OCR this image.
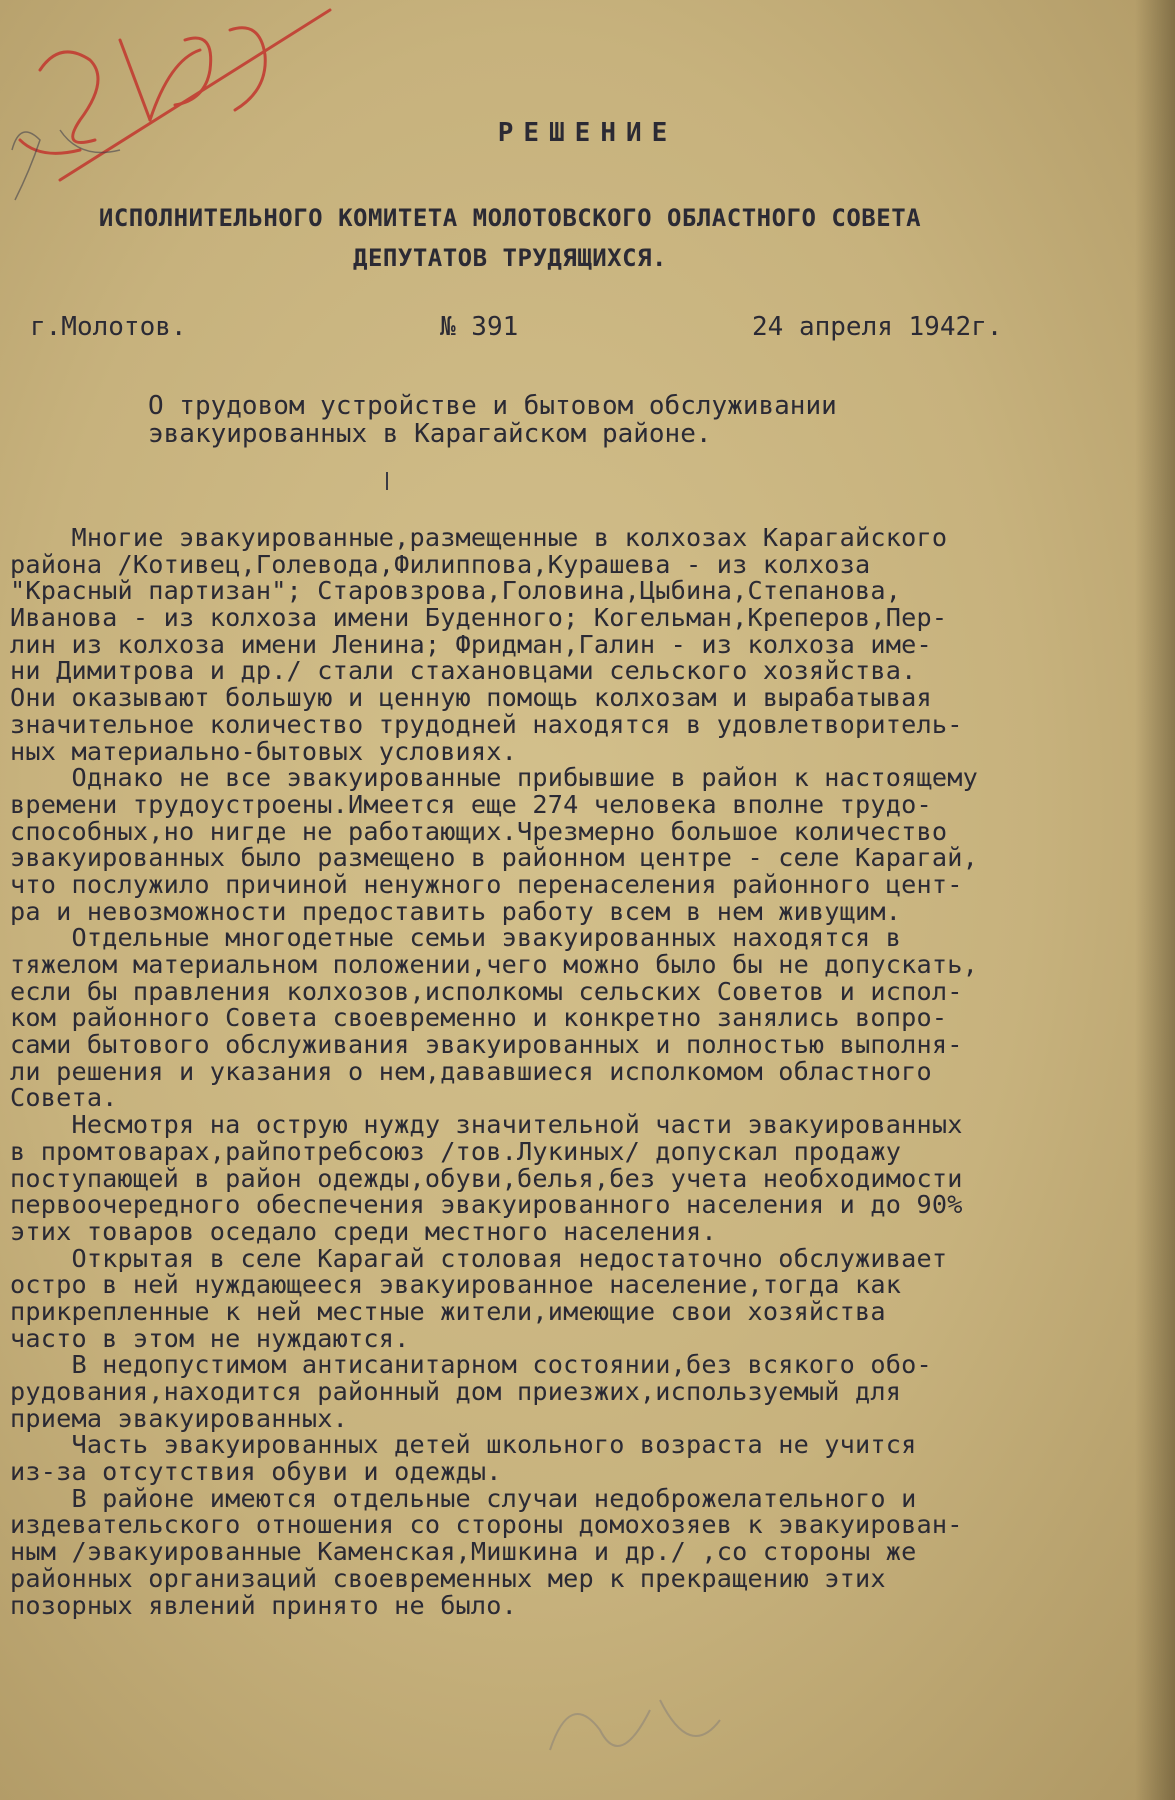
РЕШЕНИЕ
ИСПОЛНИТЕЛЬНОГО КОМИТЕТА МОЛОТОВСКОГО ОБЛАСТНОГО СОВЕТА
ДЕПУТАТОВ ТРУДЯЩИХСЯ.
г.Молотов.	№ 391	24 апреля 1942г.
О трудовом устройстве и бытовом обслуживании
эвакуированных в Карагайском районе.
Многие эвакуированные,размещенные в колхозах Карагайского
района /Котивец,Голевода,Филиппова,Курашева - из колхоза
"Красный партизан"; Старовзрова,Головина,Цыбина,Степанова,
Иванова - из колхоза имени Буденного; Когельман,Креперов,Пер-
лин из колхоза имени Ленина; Фридман,Галин - из колхоза име-
ни Димитрова и др./ стали стахановцами сельского хозяйства.
Они оказывают большую и ценную помощь колхозам и вырабатывая
значительное количество трудодней находятся в удовлетворитель-
ных материально-бытовых условиях.
Однако не все эвакуированные прибывшие в район к настоящему
времени трудоустроены.Имеется еще 274 человека вполне трудо-
способных,но нигде не работающих.Чрезмерно большое количество
эвакуированных было размещено в районном центре - селе Карагай,
что послужило причиной ненужного перенаселения районного цент-
ра и невозможности предоставить работу всем в нем живущим.
Отдельные многодетные семьи эвакуированных находятся в
тяжелом материальном положении,чего можно было бы не допускать,
если бы правления колхозов,исполкомы сельских Советов и испол-
ком районного Совета своевременно и конкретно занялись вопро-
сами бытового обслуживания эвакуированных и полностью выполня-
ли решения и указания о нем,дававшиеся исполкомом областного
Совета.
Несмотря на острую нужду значительной части эвакуированных
в промтоварах,райпотребсоюз /тов.Лукиных/ допускал продажу
поступающей в район одежды,обуви,белья,без учета необходимости
первоочередного обеспечения эвакуированного населения и до 90%
этих товаров оседало среди местного населения.
Открытая в селе Карагай столовая недостаточно обслуживает
остро в ней нуждающееся эвакуированное население,тогда как
прикрепленные к ней местные жители,имеющие свои хозяйства
часто в этом не нуждаются.
В недопустимом антисанитарном состоянии,без всякого обо-
рудования,находится районный дом приезжих,используемый для
приема эвакуированных.
Часть эвакуированных детей школьного возраста не учится
из-за отсутствия обуви и одежды.
В районе имеются отдельные случаи недоброжелательного и
издевательского отношения со стороны домохозяев к эвакуирован-
ным /эвакуированные Каменская,Мишкина и др./ ,со стороны же
районных организаций своевременных мер к прекращению этих
позорных явлений принято не было.
